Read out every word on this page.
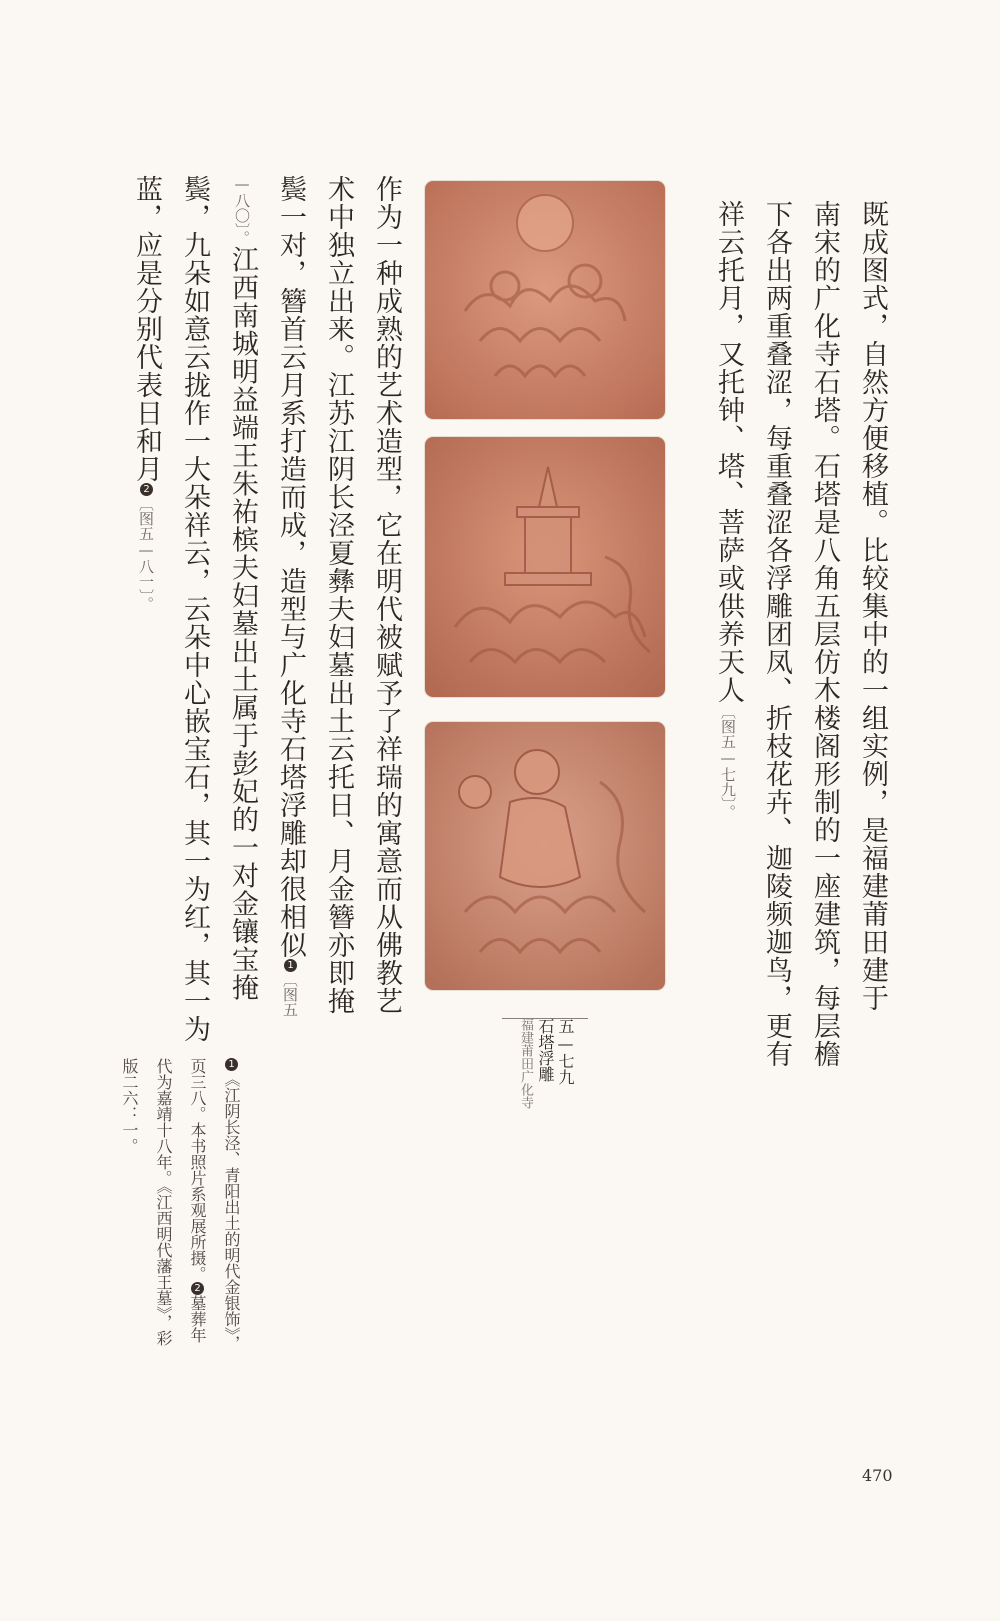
既成图式，自然方便移植。比较集中的一组实例，是福建莆田建于
南宋的广化寺石塔。石塔是八角五层仿木楼阁形制的一座建筑，每层檐
下各出两重叠涩，每重叠涩各浮雕团凤、折枝花卉、迦陵频迦鸟，更有
祥云托月，又托钟、塔、菩萨或供养天人〔图五—七九〕。
五—七九
石塔浮雕
福建莆田广化寺
作为一种成熟的艺术造型，它在明代被赋予了祥瑞的寓意而从佛教艺
术中独立出来。江苏江阴长泾夏彝夫妇墓出土云托日、月金簪亦即掩
鬓一对，簪首云月系打造而成，造型与广化寺石塔浮雕却很相似1〔图五
—八〇〕。江西南城明益端王朱祐槟夫妇墓出土属于彭妃的一对金镶宝掩
鬓，九朵如意云拢作一大朵祥云，云朵中心嵌宝石，其一为红，其一为
蓝，应是分别代表日和月2〔图五—八一〕。
1《江阴长泾、青阳出土的明代金银饰》，
页三八。本书照片系观展所摄。2墓葬年
代为嘉靖十八年。《江西明代藩王墓》，彩
版二六：一。
470
